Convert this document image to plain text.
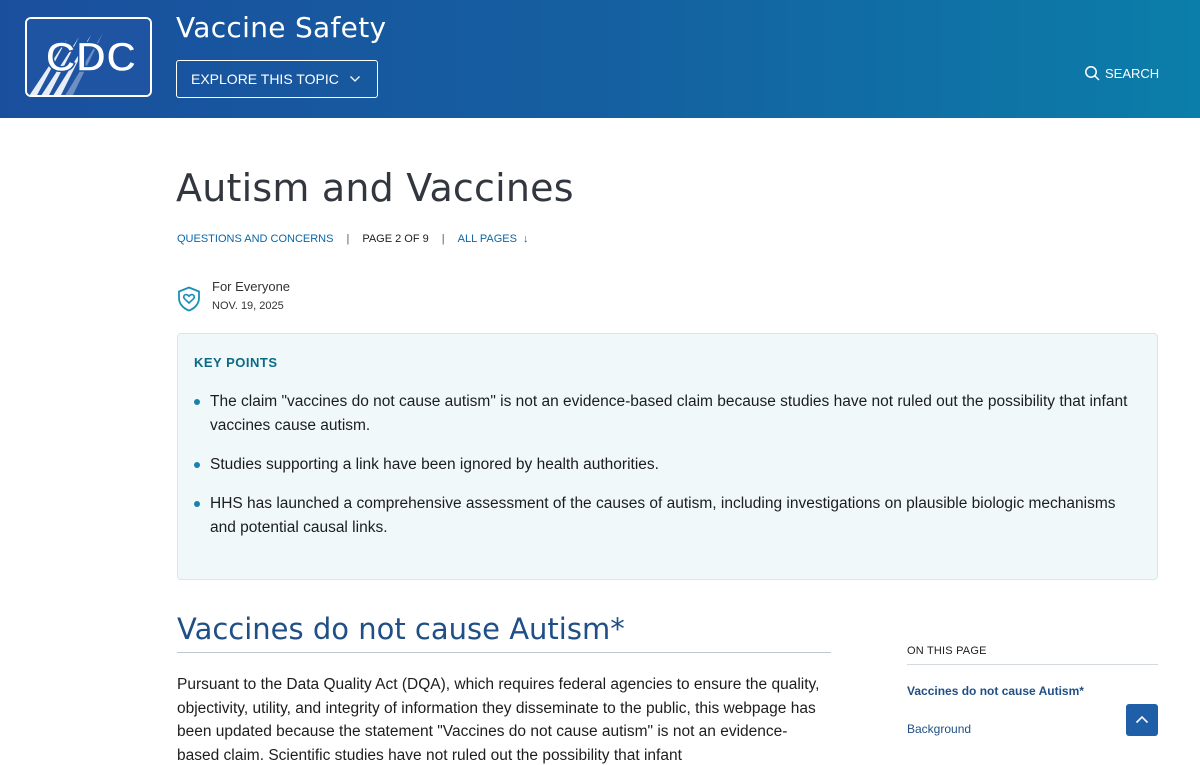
CDC
Vaccine Safety
EXPLORE THIS TOPIC	SEARCH
Autism and Vaccines
QUESTIONS AND CONCERNS | PAGE 2 OF 9 | ALL PAGES ↓
For Everyone
NOV. 19, 2025
KEY POINTS
The claim "vaccines do not cause autism" is not an evidence-based claim because studies have not ruled out the possibility that infant vaccines cause autism.
Studies supporting a link have been ignored by health authorities.
HHS has launched a comprehensive assessment of the causes of autism, including investigations on plausible biologic mechanisms and potential causal links.
Vaccines do not cause Autism*

Pursuant to the Data Quality Act (DQA), which requires federal agencies to ensure the quality, objectivity, utility, and integrity of information they disseminate to the public, this webpage has been updated because the statement "Vaccines do not cause autism" is not an evidence-based claim. Scientific studies have not ruled out the possibility that infant

ON THIS PAGE
Vaccines do not cause Autism*
Background
